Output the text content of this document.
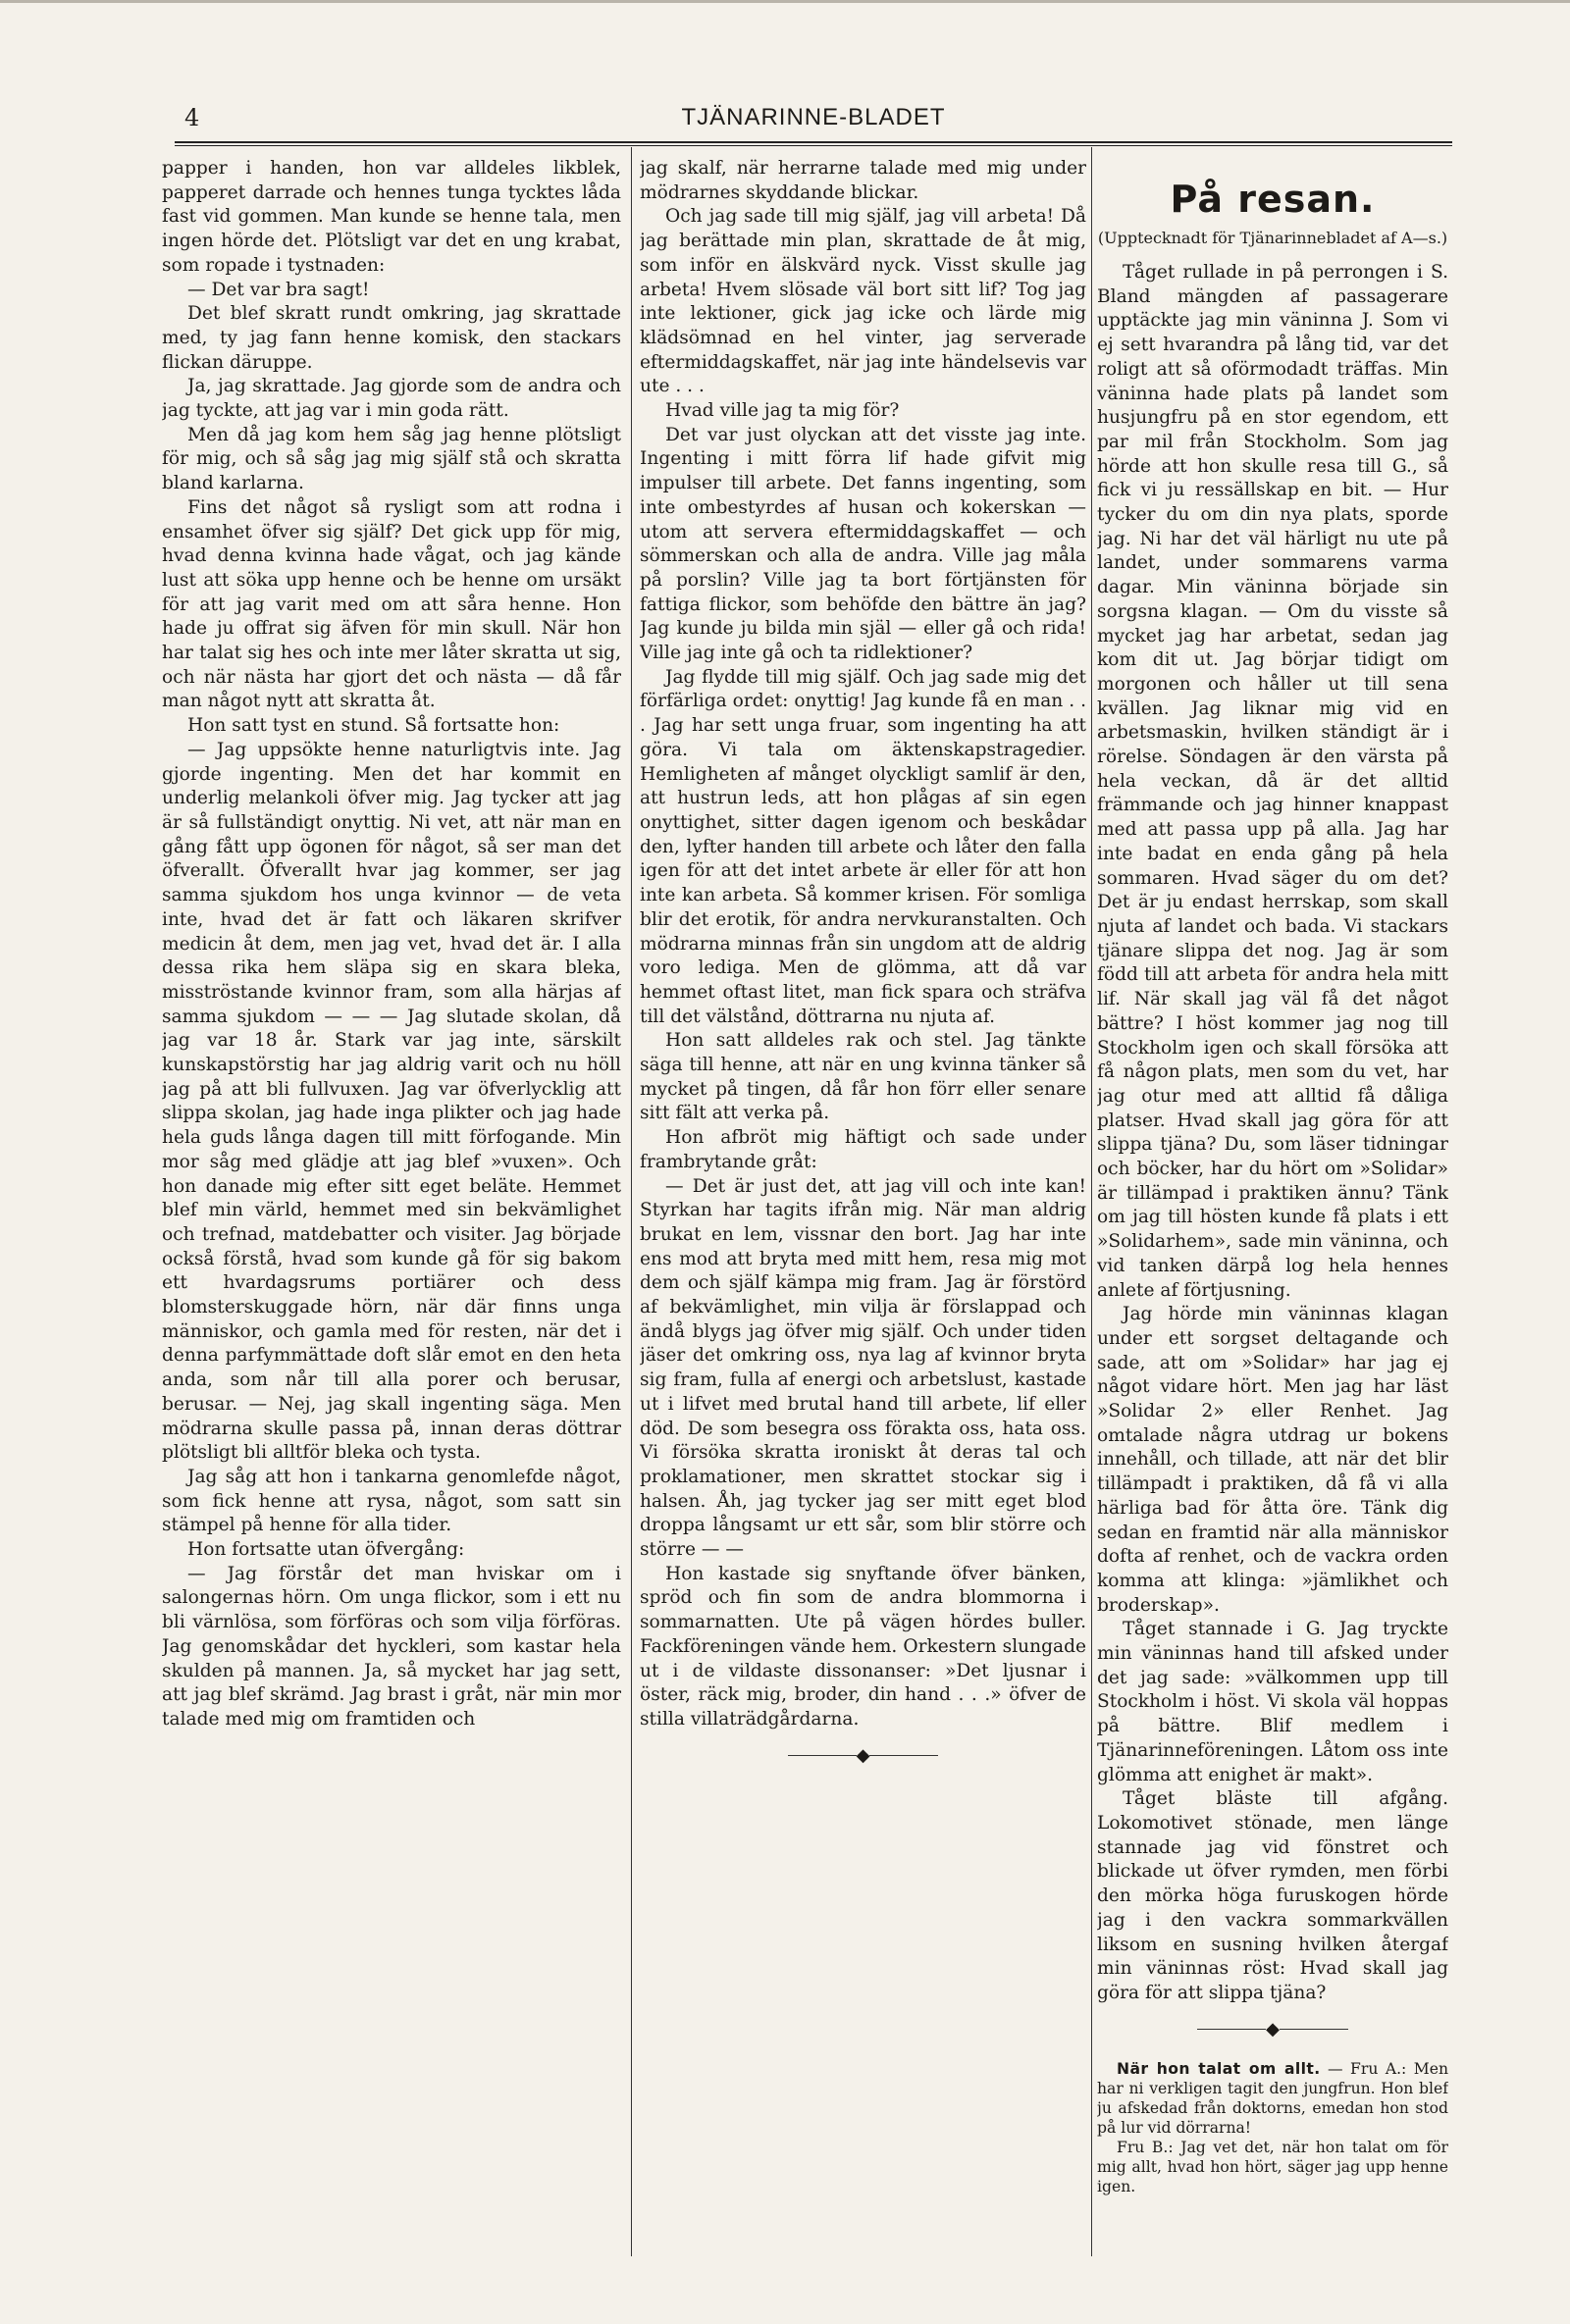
4	TJÄNARINNE-BLADET

papper i handen, hon var alldeles likblek, papperet darrade och hennes tunga tycktes låda fast vid gommen. Man kunde se henne tala, men ingen hörde det. Plötsligt var det en ung krabat, som ropade i tystnaden:

— Det var bra sagt!

Det blef skratt rundt omkring, jag skrattade med, ty jag fann henne komisk, den stackars flickan däruppe.

Ja, jag skrattade. Jag gjorde som de andra och jag tyckte, att jag var i min goda rätt.

Men då jag kom hem såg jag henne plötsligt för mig, och så såg jag mig själf stå och skratta bland karlarna.

Fins det något så rysligt som att rodna i ensamhet öfver sig själf? Det gick upp för mig, hvad denna kvinna hade vågat, och jag kände lust att söka upp henne och be henne om ursäkt för att jag varit med om att såra henne. Hon hade ju offrat sig äfven för min skull. När hon har talat sig hes och inte mer låter skratta ut sig, och när nästa har gjort det och nästa — då får man något nytt att skratta åt.

Hon satt tyst en stund. Så fortsatte hon:

— Jag uppsökte henne naturligtvis inte. Jag gjorde ingenting. Men det har kommit en underlig melankoli öfver mig. Jag tycker att jag är så fullständigt onyttig. Ni vet, att när man en gång fått upp ögonen för något, så ser man det öfverallt. Öfverallt hvar jag kommer, ser jag samma sjukdom hos unga kvinnor — de veta inte, hvad det är fatt och läkaren skrifver medicin åt dem, men jag vet, hvad det är. I alla dessa rika hem släpa sig en skara bleka, misströstande kvinnor fram, som alla härjas af samma sjukdom — — — Jag slutade skolan, då jag var 18 år. Stark var jag inte, särskilt kunskapstörstig har jag aldrig varit och nu höll jag på att bli fullvuxen. Jag var öfverlycklig att slippa skolan, jag hade inga plikter och jag hade hela guds långa dagen till mitt förfogande. Min mor såg med glädje att jag blef »vuxen». Och hon danade mig efter sitt eget beläte. Hemmet blef min värld, hemmet med sin bekvämlighet och trefnad, matdebatter och visiter. Jag började också förstå, hvad som kunde gå för sig bakom ett hvardagsrums portiärer och dess blomsterskuggade hörn, när där finns unga människor, och gamla med för resten, när det i denna parfymmättade doft slår emot en den heta anda, som når till alla porer och berusar, berusar. — Nej, jag skall ingenting säga. Men mödrarna skulle passa på, innan deras döttrar plötsligt bli alltför bleka och tysta.

Jag såg att hon i tankarna genomlefde något, som fick henne att rysa, något, som satt sin stämpel på henne för alla tider.

Hon fortsatte utan öfvergång:

— Jag förstår det man hviskar om i salongernas hörn. Om unga flickor, som i ett nu bli värnlösa, som förföras och som vilja förföras. Jag genomskådar det hyckleri, som kastar hela skulden på mannen. Ja, så mycket har jag sett, att jag blef skrämd. Jag brast i gråt, när min mor talade med mig om framtiden och

jag skalf, när herrarne talade med mig under mödrarnes skyddande blickar.

Och jag sade till mig själf, jag vill arbeta! Då jag berättade min plan, skrattade de åt mig, som inför en älskvärd nyck. Visst skulle jag arbeta! Hvem slösade väl bort sitt lif? Tog jag inte lektioner, gick jag icke och lärde mig klädsömnad en hel vinter, jag serverade eftermiddagskaffet, när jag inte händelsevis var ute . . .

Hvad ville jag ta mig för?

Det var just olyckan att det visste jag inte. Ingenting i mitt förra lif hade gifvit mig impulser till arbete. Det fanns ingenting, som inte ombestyrdes af husan och kokerskan — utom att servera eftermiddagskaffet — och sömmerskan och alla de andra. Ville jag måla på porslin? Ville jag ta bort förtjänsten för fattiga flickor, som behöfde den bättre än jag? Jag kunde ju bilda min själ — eller gå och rida! Ville jag inte gå och ta ridlektioner?

Jag flydde till mig själf. Och jag sade mig det förfärliga ordet: onyttig! Jag kunde få en man . . . Jag har sett unga fruar, som ingenting ha att göra. Vi tala om äktenskapstragedier. Hemligheten af månget olyckligt samlif är den, att hustrun leds, att hon plågas af sin egen onyttighet, sitter dagen igenom och beskådar den, lyfter handen till arbete och låter den falla igen för att det intet arbete är eller för att hon inte kan arbeta. Så kommer krisen. För somliga blir det erotik, för andra nervkuranstalten. Och mödrarna minnas från sin ungdom att de aldrig voro lediga. Men de glömma, att då var hemmet oftast litet, man fick spara och sträfva till det välstånd, döttrarna nu njuta af.

Hon satt alldeles rak och stel. Jag tänkte säga till henne, att när en ung kvinna tänker så mycket på tingen, då får hon förr eller senare sitt fält att verka på.

Hon afbröt mig häftigt och sade under frambrytande gråt:

— Det är just det, att jag vill och inte kan! Styrkan har tagits ifrån mig. När man aldrig brukat en lem, vissnar den bort. Jag har inte ens mod att bryta med mitt hem, resa mig mot dem och själf kämpa mig fram. Jag är förstörd af bekvämlighet, min vilja är förslappad och ändå blygs jag öfver mig själf. Och under tiden jäser det omkring oss, nya lag af kvinnor bryta sig fram, fulla af energi och arbetslust, kastade ut i lifvet med brutal hand till arbete, lif eller död. De som besegra oss förakta oss, hata oss. Vi försöka skratta ironiskt åt deras tal och proklamationer, men skrattet stockar sig i halsen. Åh, jag tycker jag ser mitt eget blod droppa långsamt ur ett sår, som blir större och större — —

Hon kastade sig snyftande öfver bänken, spröd och fin som de andra blommorna i sommarnatten. Ute på vägen hördes buller. Fackföreningen vände hem. Orkestern slungade ut i de vildaste dissonanser: »Det ljusnar i öster, räck mig, broder, din hand . . .» öfver de stilla villaträdgårdarna.

◆
På resan.
(Upptecknadt för Tjänarinnebladet af A—s.)

Tåget rullade in på perrongen i S. Bland mängden af passagerare upptäckte jag min väninna J. Som vi ej sett hvarandra på lång tid, var det roligt att så oförmodadt träffas. Min väninna hade plats på landet som husjungfru på en stor egendom, ett par mil från Stockholm. Som jag hörde att hon skulle resa till G., så fick vi ju ressällskap en bit. — Hur tycker du om din nya plats, sporde jag. Ni har det väl härligt nu ute på landet, under sommarens varma dagar. Min väninna började sin sorgsna klagan. — Om du visste så mycket jag har arbetat, sedan jag kom dit ut. Jag börjar tidigt om morgonen och håller ut till sena kvällen. Jag liknar mig vid en arbetsmaskin, hvilken ständigt är i rörelse. Söndagen är den värsta på hela veckan, då är det alltid främmande och jag hinner knappast med att passa upp på alla. Jag har inte badat en enda gång på hela sommaren. Hvad säger du om det? Det är ju endast herrskap, som skall njuta af landet och bada. Vi stackars tjänare slippa det nog. Jag är som född till att arbeta för andra hela mitt lif. När skall jag väl få det något bättre? I höst kommer jag nog till Stockholm igen och skall försöka att få någon plats, men som du vet, har jag otur med att alltid få dåliga platser. Hvad skall jag göra för att slippa tjäna? Du, som läser tidningar och böcker, har du hört om »Solidar» är tillämpad i praktiken ännu? Tänk om jag till hösten kunde få plats i ett »Solidarhem», sade min väninna, och vid tanken därpå log hela hennes anlete af förtjusning.

Jag hörde min väninnas klagan under ett sorgset deltagande och sade, att om »Solidar» har jag ej något vidare hört. Men jag har läst »Solidar 2» eller Renhet. Jag omtalade några utdrag ur bokens innehåll, och tillade, att när det blir tillämpadt i praktiken, då få vi alla härliga bad för åtta öre. Tänk dig sedan en framtid när alla människor dofta af renhet, och de vackra orden komma att klinga: »jämlikhet och broderskap».

Tåget stannade i G. Jag tryckte min väninnas hand till afsked under det jag sade: »välkommen upp till Stockholm i höst. Vi skola väl hoppas på bättre. Blif medlem i Tjänarinneföreningen. Låtom oss inte glömma att enighet är makt».

Tåget bläste till afgång. Lokomotivet stönade, men länge stannade jag vid fönstret och blickade ut öfver rymden, men förbi den mörka höga furuskogen hörde jag i den vackra sommarkvällen liksom en susning hvilken återgaf min väninnas röst: Hvad skall jag göra för att slippa tjäna?

◆

När hon talat om allt. — Fru A.: Men har ni verkligen tagit den jungfrun. Hon blef ju afskedad från doktorns, emedan hon stod på lur vid dörrarna!

Fru B.: Jag vet det, när hon talat om för mig allt, hvad hon hört, säger jag upp henne igen.
